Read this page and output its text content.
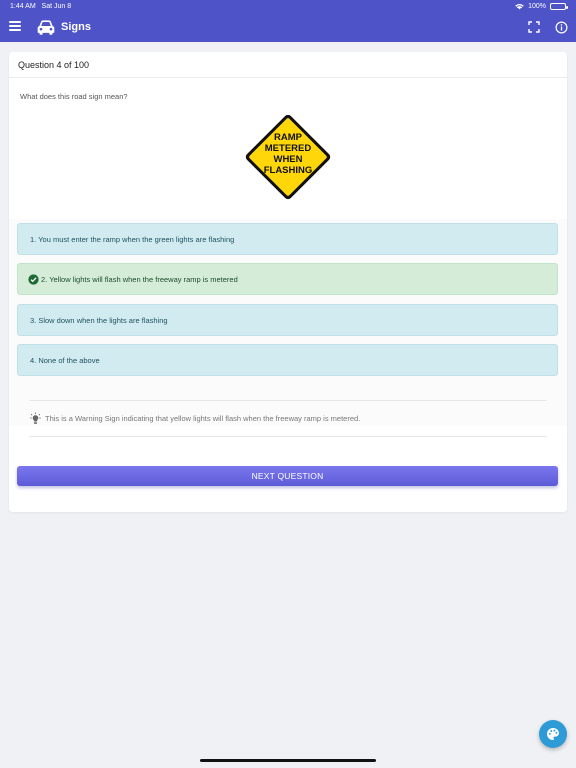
1:44 AM Sat Jun 8	100%
Signs
Question 4 of 100
What does this road sign mean?
RAMP
METERED
WHEN
FLASHING
1. You must enter the ramp when the green lights are flashing
2. Yellow lights will flash when the freeway ramp is metered
3. Slow down when the lights are flashing
4. None of the above
This is a Warning Sign indicating that yellow lights will flash when the freeway ramp is metered.
NEXT QUESTION
